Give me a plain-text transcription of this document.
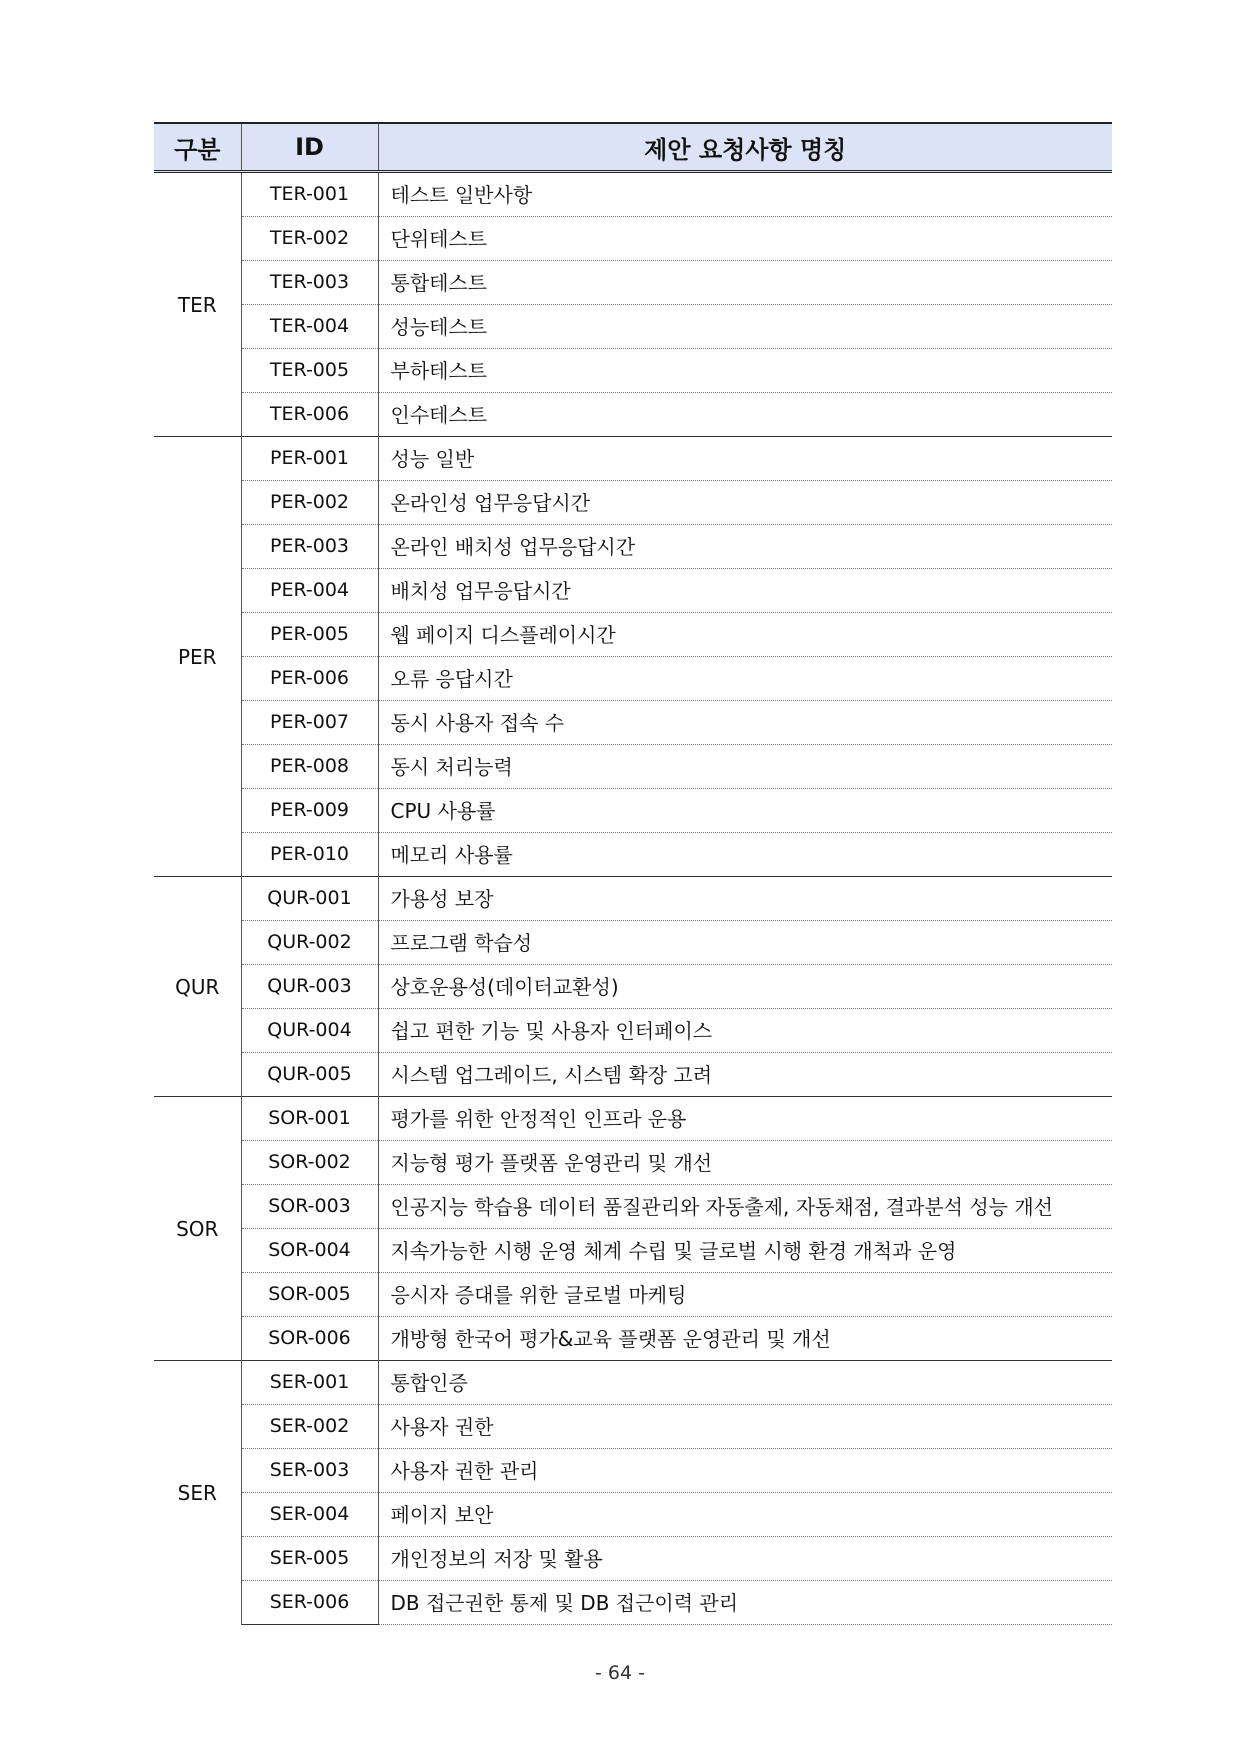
구분	ID	제안 요청사항 명칭
TER	TER-001	테스트 일반사항
	TER-002	단위테스트
	TER-003	통합테스트
	TER-004	성능테스트
	TER-005	부하테스트
	TER-006	인수테스트
PER	PER-001	성능 일반
	PER-002	온라인성 업무응답시간
	PER-003	온라인 배치성 업무응답시간
	PER-004	배치성 업무응답시간
	PER-005	웹 페이지 디스플레이시간
	PER-006	오류 응답시간
	PER-007	동시 사용자 접속 수
	PER-008	동시 처리능력
	PER-009	CPU 사용률
	PER-010	메모리 사용률
QUR	QUR-001	가용성 보장
	QUR-002	프로그램 학습성
	QUR-003	상호운용성(데이터교환성)
	QUR-004	쉽고 편한 기능 및 사용자 인터페이스
	QUR-005	시스템 업그레이드, 시스템 확장 고려
SOR	SOR-001	평가를 위한 안정적인 인프라 운용
	SOR-002	지능형 평가 플랫폼 운영관리 및 개선
	SOR-003	인공지능 학습용 데이터 품질관리와 자동출제, 자동채점, 결과분석 성능 개선
	SOR-004	지속가능한 시행 운영 체계 수립 및 글로벌 시행 환경 개척과 운영
	SOR-005	응시자 증대를 위한 글로벌 마케팅
	SOR-006	개방형 한국어 평가&교육 플랫폼 운영관리 및 개선
SER	SER-001	통합인증
	SER-002	사용자 권한
	SER-003	사용자 권한 관리
	SER-004	페이지 보안
	SER-005	개인정보의 저장 및 활용
	SER-006	DB 접근권한 통제 및 DB 접근이력 관리
- 64 -
